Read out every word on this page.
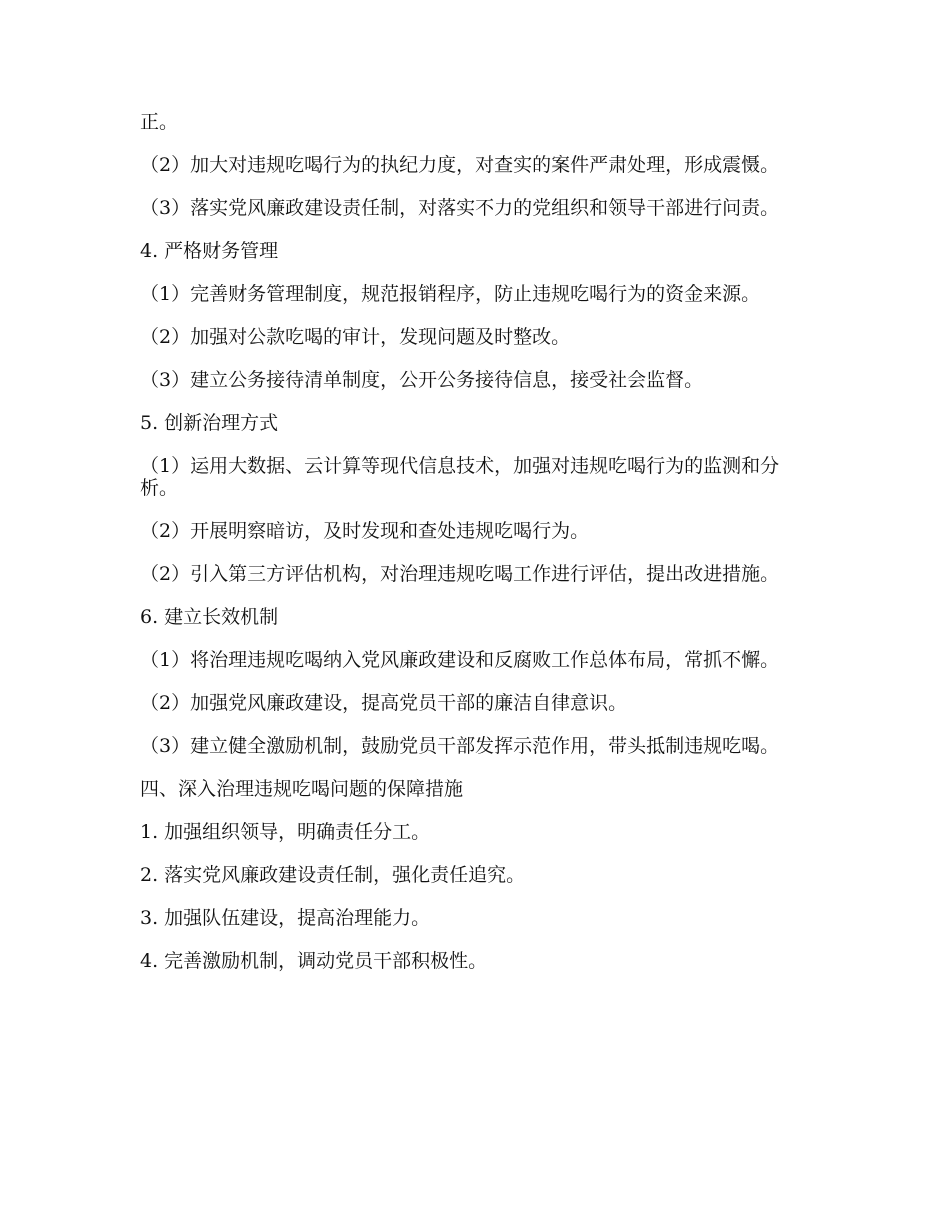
正。

（2）加大对违规吃喝行为的执纪力度，对查实的案件严肃处理，形成震慑。

（3）落实党风廉政建设责任制，对落实不力的党组织和领导干部进行问责。

4. 严格财务管理

（1）完善财务管理制度，规范报销程序，防止违规吃喝行为的资金来源。

（2）加强对公款吃喝的审计，发现问题及时整改。

（3）建立公务接待清单制度，公开公务接待信息，接受社会监督。

5. 创新治理方式

（1）运用大数据、云计算等现代信息技术，加强对违规吃喝行为的监测和分析。

（2）开展明察暗访，及时发现和查处违规吃喝行为。

（2）引入第三方评估机构，对治理违规吃喝工作进行评估，提出改进措施。

6. 建立长效机制

（1）将治理违规吃喝纳入党风廉政建设和反腐败工作总体布局，常抓不懈。

（2）加强党风廉政建设，提高党员干部的廉洁自律意识。

（3）建立健全激励机制，鼓励党员干部发挥示范作用，带头抵制违规吃喝。

四、深入治理违规吃喝问题的保障措施

1. 加强组织领导，明确责任分工。

2. 落实党风廉政建设责任制，强化责任追究。

3. 加强队伍建设，提高治理能力。

4. 完善激励机制，调动党员干部积极性。
